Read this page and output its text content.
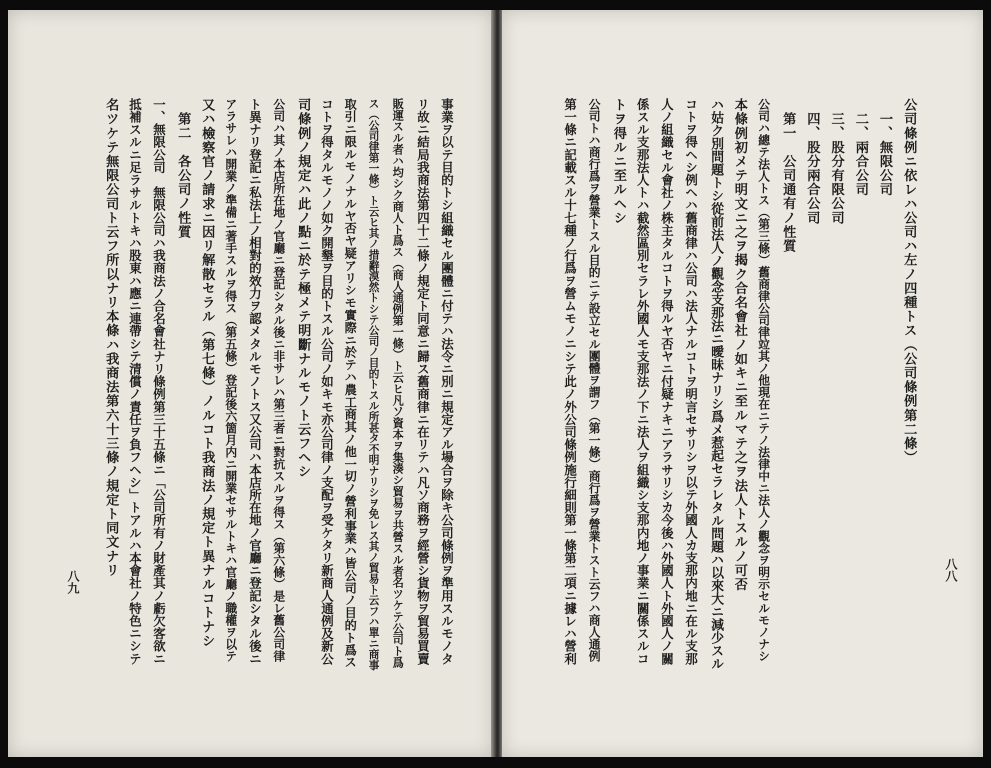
事業ヲ以テ目的トシ組織セル團體ニ付テハ法令ニ別ニ規定アル場合ヲ除キ公司條例ヲ準用スルモノタ
リ故ニ結局我商法第四十二條ノ規定ト同意ニ歸ス舊商律ニ在リテハ凡ソ商務ヲ經營シ貨物ヲ貿易買賣
販運スル者ハ均シク商人ト爲ス（商人通例第一條）ト云ヒ凡ソ資本ヲ集湊シ貿易ヲ共營スル者名ツケテ公司ト爲
ス（公司律第一條）ト云ヒ其ノ措辭漠然トシテ公司ノ目的トスル所甚タ不明ナリシヲ免レス其ノ貿易ト云フハ單ニ商事
取引ニ限ルモノナルヤ否ヤ疑アリシモ實際ニ於テハ農工商其ノ他一切ノ營利事業ハ皆公司ノ目的ト爲ス
コトヲ得タルモノノ如ク開墾ヲ目的トスル公司ノ如キモ亦公司律ノ支配ヲ受ケタリ新商人通例及新公
司條例ノ規定ハ此ノ點ニ於テ極メテ明斷ナルモノト云フヘシ
公司ハ其ノ本店所在地ノ官廳ニ登記シタル後ニ非サレハ第三者ニ對抗スルヲ得ス（第六條）是レ舊公司律
ト異ナリ登記ニ私法上ノ相對的效力ヲ認メタルモノトス又公司ハ本店所在地ノ官廳ニ登記シタル後ニ
アラサレハ開業ノ準備ニ著手スルヲ得ス（第五條）登記後六箇月内ニ開業セサルトキハ官廳ノ職權ヲ以テ
又ハ檢察官ノ請求ニ因リ解散セラル（第七條）ノルコト我商法ノ規定ト異ナルコトナシ
第二　各公司ノ性質
一、無限公司　無限公司ハ我商法ノ合名會社ナリ條例第三十五條ニ「公司所有ノ財產其ノ虧欠客欲ニ
抵補スルニ足ラサルトキハ股東ハ應ニ連帶シテ清償ノ責任ヲ負フヘシ」トアルハ本會社ノ特色ニシテ
名ツケテ無限公司ト云フ所以ナリ本條ハ我商法第六十三條ノ規定ト同文ナリ
八九
公司條例ニ依レハ公司ハ左ノ四種トス（公司條例第二條）
一、無限公司
二、兩合公司
三、股分有限公司
四、股分兩合公司
第一　公司通有ノ性質
公司ハ總テ法人トス（第三條）舊商律公司律竝其ノ他現在ニテノ法律中ニ法人ノ觀念ヲ明示セルモノナシ
本條例初メテ明文ニ之ヲ揭ク合名會社ノ如キニ至ルマテ之ヲ法人トスルノ可否
ハ姑ク別問題トシ從前法人ノ觀念支那法ニ曖昧ナリシ爲メ惹起セラレタル問題ハ以來大ニ減少スル
コトヲ得ヘシ例ヘハ舊商律ハ公司ハ法人ナルコトヲ明言セサリシヲ以テ外國人カ支那内地ニ在ル支那
人ノ組織セル會社ノ株主タルコトヲ得ルヤ否ヤニ付疑ナキニアラサリシカ今後ハ外國人ト外國人ノ關
係スル支那法人トハ截然區別セラレ外國人モ支那法ノ下ニ法人ヲ組織シ支那内地ノ事業ニ關係スルコ
トヲ得ルニ至ルヘシ
公司トハ商行爲ヲ營業トスル目的ニテ設立セル團體ヲ謂フ（第一條）商行爲ヲ營業トスト云フハ商人通例
第一條ニ記載スル十七種ノ行爲ヲ營ムモノニシテ此ノ外公司條例施行細則第一條第二項ニ據レハ營利	八八
